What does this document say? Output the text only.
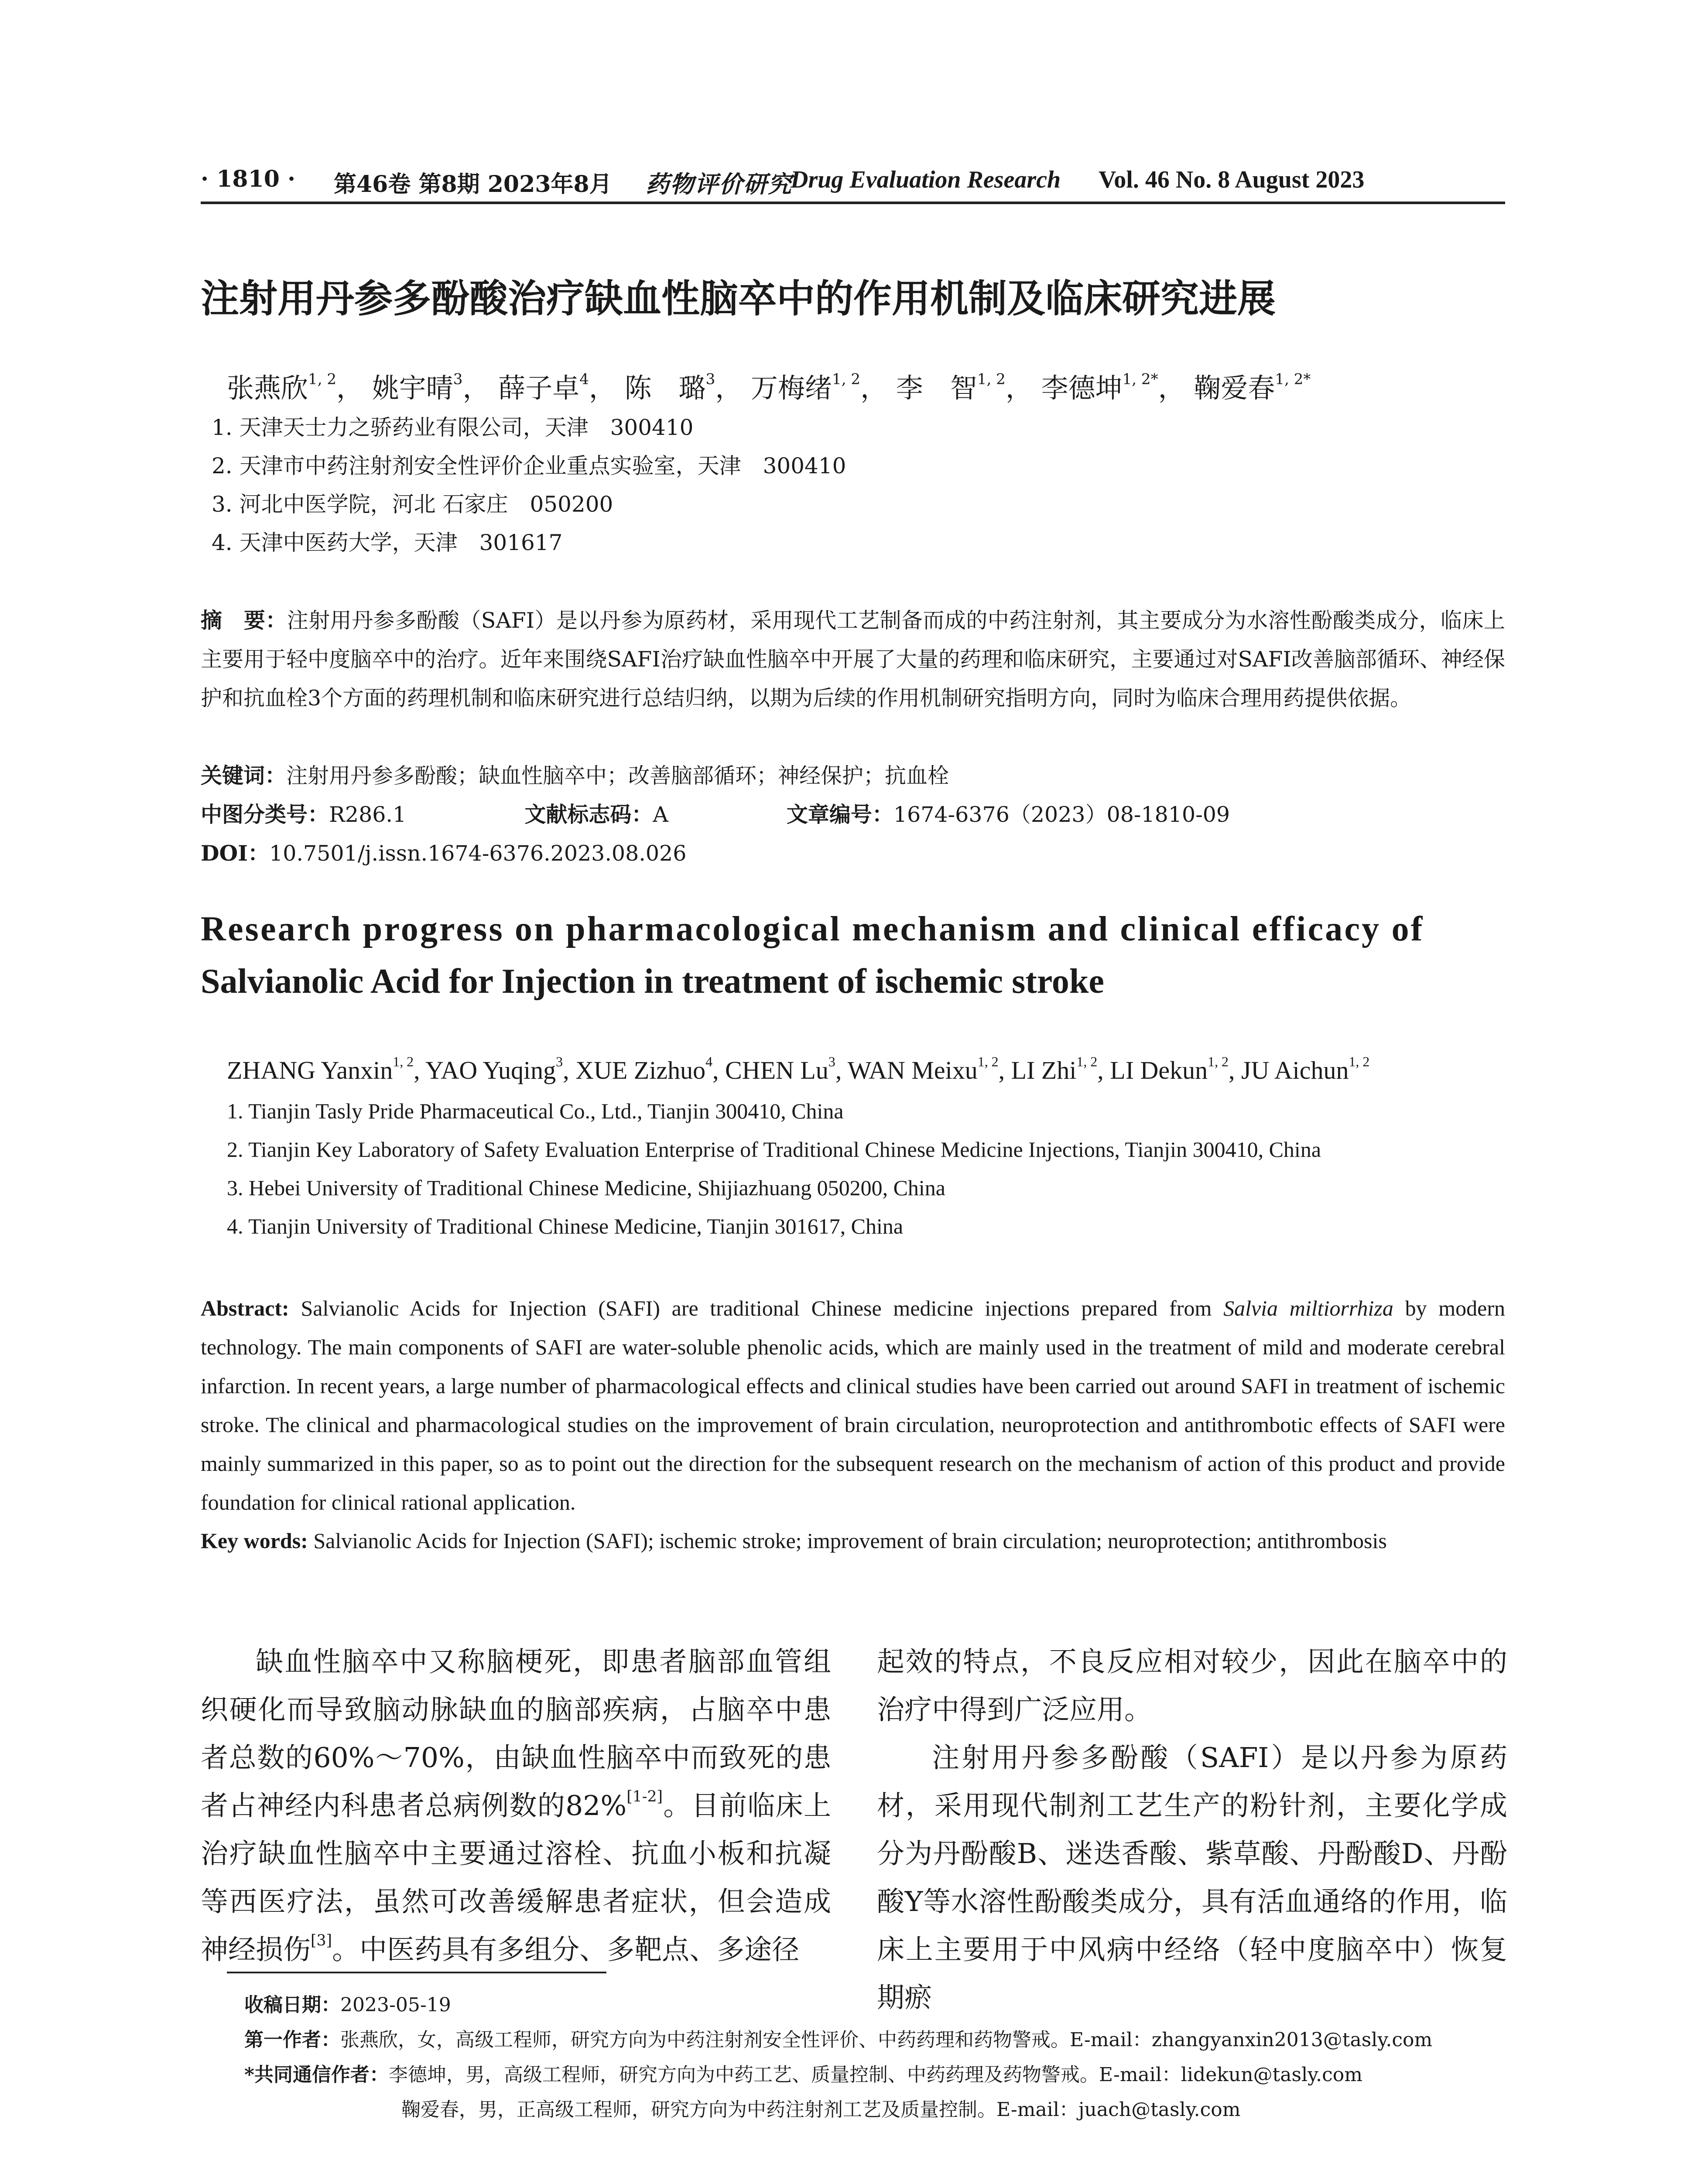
· 1810 · 第46卷 第8期 2023年8月 药物评价研究
Drug Evaluation Research Vol. 46 No. 8 August 2023
注射用丹参多酚酸治疗缺血性脑卒中的作用机制及临床研究进展
张燕欣$^{1, 2}$， 姚宇晴$^3$， 薛子卓$^4$， 陈　璐$^3$， 万梅绪$^{1, 2}$， 李　智$^{1, 2}$， 李德坤$^{1, 2*}$， 鞠爱春$^{1, 2*}$
1. 天津天士力之骄药业有限公司，天津　300410
2. 天津市中药注射剂安全性评价企业重点实验室，天津　300410
3. 河北中医学院，河北 石家庄　050200
4. 天津中医药大学，天津　301617
摘　要：注射用丹参多酚酸（SAFI）是以丹参为原药材，采用现代工艺制备而成的中药注射剂，其主要成分为水溶性酚酸类成分，临床上主要用于轻中度脑卒中的治疗。近年来围绕SAFI治疗缺血性脑卒中开展了大量的药理和临床研究，主要通过对SAFI改善脑部循环、神经保护和抗血栓3个方面的药理机制和临床研究进行总结归纳，以期为后续的作用机制研究指明方向，同时为临床合理用药提供依据。
关键词：注射用丹参多酚酸；缺血性脑卒中；改善脑部循环；神经保护；抗血栓
中图分类号：R286.1	文献标志码：A	文章编号：1674-6376（2023）08-1810-09
DOI：10.7501/j.issn.1674-6376.2023.08.026
Research progress on pharmacological mechanism and clinical efficacy of
Salvianolic Acid for Injection in treatment of ischemic stroke
ZHANG Yanxin$^{1, 2}$, YAO Yuqing$^3$, XUE Zizhuo$^4$, CHEN Lu$^3$, WAN Meixu$^{1, 2}$, LI Zhi$^{1, 2}$, LI Dekun$^{1, 2}$, JU Aichun$^{1, 2}$
1. Tianjin Tasly Pride Pharmaceutical Co., Ltd., Tianjin 300410, China
2. Tianjin Key Laboratory of Safety Evaluation Enterprise of Traditional Chinese Medicine Injections, Tianjin 300410, China
3. Hebei University of Traditional Chinese Medicine, Shijiazhuang 050200, China
4. Tianjin University of Traditional Chinese Medicine, Tianjin 301617, China
Abstract: Salvianolic Acids for Injection (SAFI) are traditional Chinese medicine injections prepared from Salvia miltiorrhiza by modern technology. The main components of SAFI are water-soluble phenolic acids, which are mainly used in the treatment of mild and moderate cerebral infarction. In recent years, a large number of pharmacological effects and clinical studies have been carried out around SAFI in treatment of ischemic stroke. The clinical and pharmacological studies on the improvement of brain circulation, neuroprotection and antithrombotic effects of SAFI were mainly summarized in this paper, so as to point out the direction for the subsequent research on the mechanism of action of this product and provide foundation for clinical rational application.
Key words: Salvianolic Acids for Injection (SAFI); ischemic stroke; improvement of brain circulation; neuroprotection; antithrombosis

缺血性脑卒中又称脑梗死，即患者脑部血管组织硬化而导致脑动脉缺血的脑部疾病，占脑卒中患者总数的60%～70%，由缺血性脑卒中而致死的患者占神经内科患者总病例数的82%[1-2]。目前临床上治疗缺血性脑卒中主要通过溶栓、抗血小板和抗凝等西医疗法，虽然可改善缓解患者症状，但会造成神经损伤[3]。中医药具有多组分、多靶点、多途径

起效的特点，不良反应相对较少，因此在脑卒中的治疗中得到广泛应用。

注射用丹参多酚酸（SAFI）是以丹参为原药材，采用现代制剂工艺生产的粉针剂，主要化学成分为丹酚酸B、迷迭香酸、紫草酸、丹酚酸D、丹酚酸Y等水溶性酚酸类成分，具有活血通络的作用，临床上主要用于中风病中经络（轻中度脑卒中）恢复期瘀

收稿日期：2023-05-19
第一作者：张燕欣，女，高级工程师，研究方向为中药注射剂安全性评价、中药药理和药物警戒。E-mail：zhangyanxin2013@tasly.com
*共同通信作者：李德坤，男，高级工程师，研究方向为中药工艺、质量控制、中药药理及药物警戒。E-mail：lidekun@tasly.com
鞠爱春，男，正高级工程师，研究方向为中药注射剂工艺及质量控制。E-mail：juach@tasly.com
